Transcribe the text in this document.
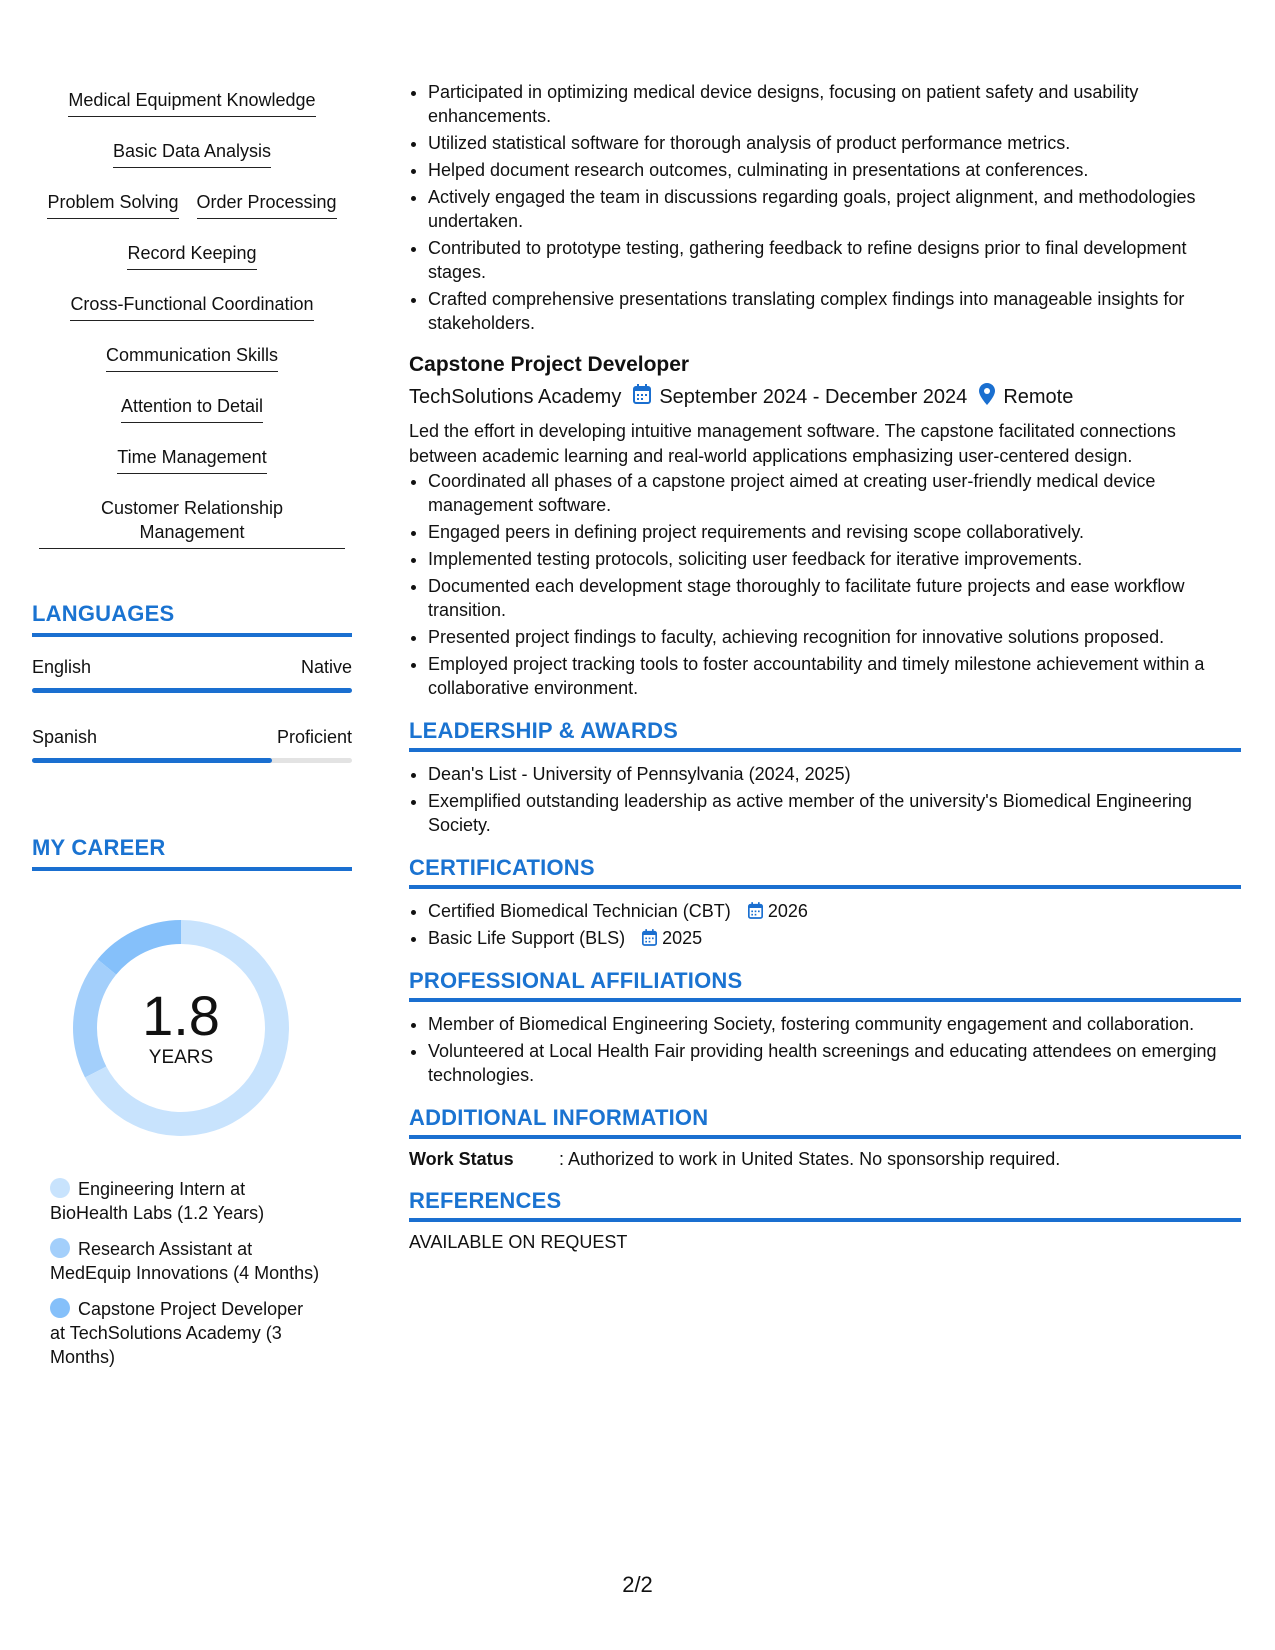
Medical Equipment Knowledge
Basic Data Analysis
Problem Solving Order Processing
Record Keeping
Cross-Functional Coordination
Communication Skills
Attention to Detail
Time Management
Customer Relationship Management
LANGUAGES
English	Native
Spanish	Proficient
MY CAREER
1.8
YEARS
Engineering Intern at BioHealth Labs (1.2 Years)
Research Assistant at MedEquip Innovations (4 Months)
Capstone Project Developer at TechSolutions Academy (3 Months)
• Participated in optimizing medical device designs, focusing on patient safety and usability enhancements.
• Utilized statistical software for thorough analysis of product performance metrics.
• Helped document research outcomes, culminating in presentations at conferences.
• Actively engaged the team in discussions regarding goals, project alignment, and methodologies undertaken.
• Contributed to prototype testing, gathering feedback to refine designs prior to final development stages.
• Crafted comprehensive presentations translating complex findings into manageable insights for stakeholders.
Capstone Project Developer
TechSolutions Academy September 2024 - December 2024 Remote
Led the effort in developing intuitive management software. The capstone facilitated connections between academic learning and real-world applications emphasizing user-centered design.
• Coordinated all phases of a capstone project aimed at creating user-friendly medical device management software.
• Engaged peers in defining project requirements and revising scope collaboratively.
• Implemented testing protocols, soliciting user feedback for iterative improvements.
• Documented each development stage thoroughly to facilitate future projects and ease workflow transition.
• Presented project findings to faculty, achieving recognition for innovative solutions proposed.
• Employed project tracking tools to foster accountability and timely milestone achievement within a collaborative environment.
LEADERSHIP & AWARDS
• Dean's List - University of Pennsylvania (2024, 2025)
• Exemplified outstanding leadership as active member of the university's Biomedical Engineering Society.
CERTIFICATIONS
• Certified Biomedical Technician (CBT) 2026
• Basic Life Support (BLS) 2025
PROFESSIONAL AFFILIATIONS
• Member of Biomedical Engineering Society, fostering community engagement and collaboration.
• Volunteered at Local Health Fair providing health screenings and educating attendees on emerging technologies.
ADDITIONAL INFORMATION
Work Status	: Authorized to work in United States. No sponsorship required.
REFERENCES
AVAILABLE ON REQUEST
2/2
